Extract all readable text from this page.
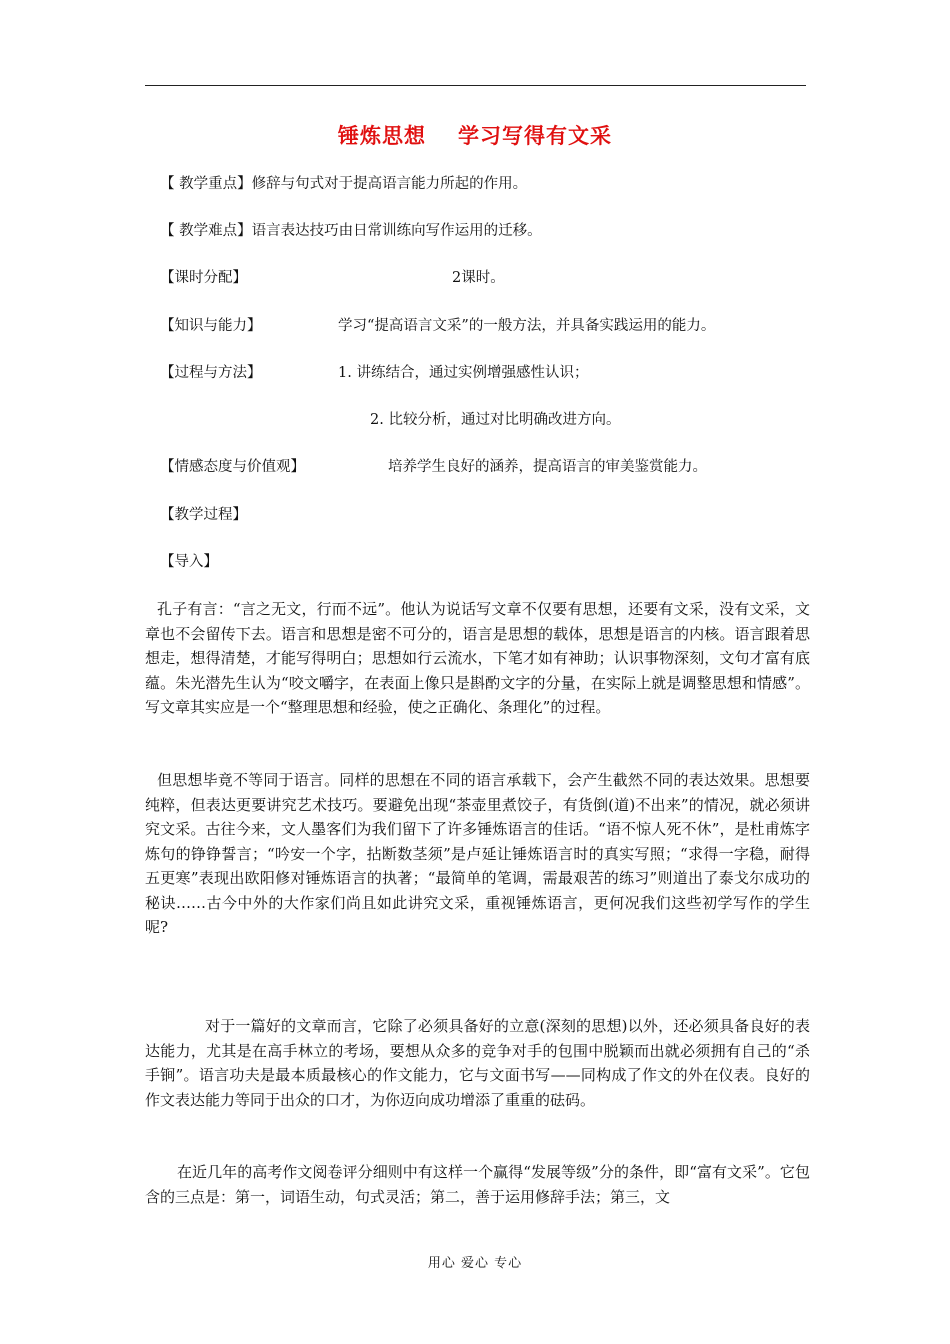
锤炼思想 学习写得有文采
【 教学重点】修辞与句式对于提高语言能力所起的作用。
【 教学难点】语言表达技巧由日常训练向写作运用的迁移。
【课时分配】	2课时。
【知识与能力】	学习“提高语言文采”的一般方法，并具备实践运用的能力。
【过程与方法】	1. 讲练结合，通过实例增强感性认识；
2. 比较分析，通过对比明确改进方向。
【情感态度与价值观】	培养学生良好的涵养，提高语言的审美鉴赏能力。
【教学过程】
【导入】
孔子有言：“言之无文，行而不远”。他认为说话写文章不仅要有思想，还要有文采，没有文采，文章也不会留传下去。语言和思想是密不可分的，语言是思想的载体，思想是语言的内核。语言跟着思想走，想得清楚，才能写得明白；思想如行云流水，下笔才如有神助；认识事物深刻，文句才富有底蕴。朱光潜先生认为“咬文嚼字，在表面上像只是斟酌文字的分量，在实际上就是调整思想和情感”。写文章其实应是一个“整理思想和经验，使之正确化、条理化”的过程。
但思想毕竟不等同于语言。同样的思想在不同的语言承载下，会产生截然不同的表达效果。思想要纯粹，但表达更要讲究艺术技巧。要避免出现“茶壶里煮饺子，有货倒(道)不出来”的情况，就必须讲究文采。古往今来，文人墨客们为我们留下了许多锤炼语言的佳话。“语不惊人死不休”，是杜甫炼字炼句的铮铮誓言；“吟安一个字，拈断数茎须”是卢延让锤炼语言时的真实写照；“求得一字稳，耐得五更寒”表现出欧阳修对锤炼语言的执著；“最简单的笔调，需最艰苦的练习”则道出了泰戈尔成功的秘诀……古今中外的大作家们尚且如此讲究文采，重视锤炼语言，更何况我们这些初学写作的学生呢?
对于一篇好的文章而言，它除了必须具备好的立意(深刻的思想)以外，还必须具备良好的表达能力，尤其是在高手林立的考场，要想从众多的竞争对手的包围中脱颖而出就必须拥有自己的“杀手锏”。语言功夫是最本质最核心的作文能力，它与文面书写——同构成了作文的外在仪表。良好的作文表达能力等同于出众的口才，为你迈向成功增添了重重的砝码。
在近几年的高考作文阅卷评分细则中有这样一个赢得“发展等级”分的条件，即“富有文采”。它包含的三点是：第一，词语生动，句式灵活；第二，善于运用修辞手法；第三，文
用心 爱心 专心
